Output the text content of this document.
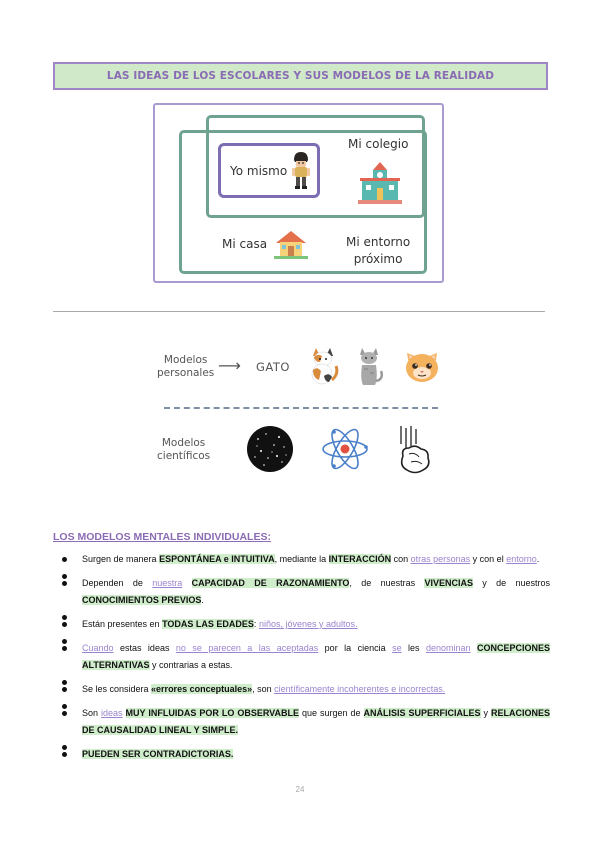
LAS IDEAS DE LOS ESCOLARES Y SUS MODELOS DE LA REALIDAD
Yo mismo
Mi colegio
Mi casa	Mi entorno
próximo
Modelos
personales ⟶ GATO
Modelos
científicos
LOS MODELOS MENTALES INDIVIDUALES:
Surgen de manera ESPONTÁNEA e INTUITIVA, mediante la INTERACCIÓN con otras personas y con el entorno.
Dependen de nuestra CAPACIDAD DE RAZONAMIENTO, de nuestras VIVENCIAS y de nuestros CONOCIMIENTOS PREVIOS.
Están presentes en TODAS LAS EDADES: niños, jóvenes y adultos.
Cuando estas ideas no se parecen a las aceptadas por la ciencia se les denominan CONCEPCIONES ALTERNATIVAS y contrarias a estas.
Se les considera «errores conceptuales», son científicamente incoherentes e incorrectas.
Son ideas MUY INFLUIDAS POR LO OBSERVABLE que surgen de ANÁLISIS SUPERFICIALES y RELACIONES DE CAUSALIDAD LINEAL Y SIMPLE.
PUEDEN SER CONTRADICTORIAS.
24
